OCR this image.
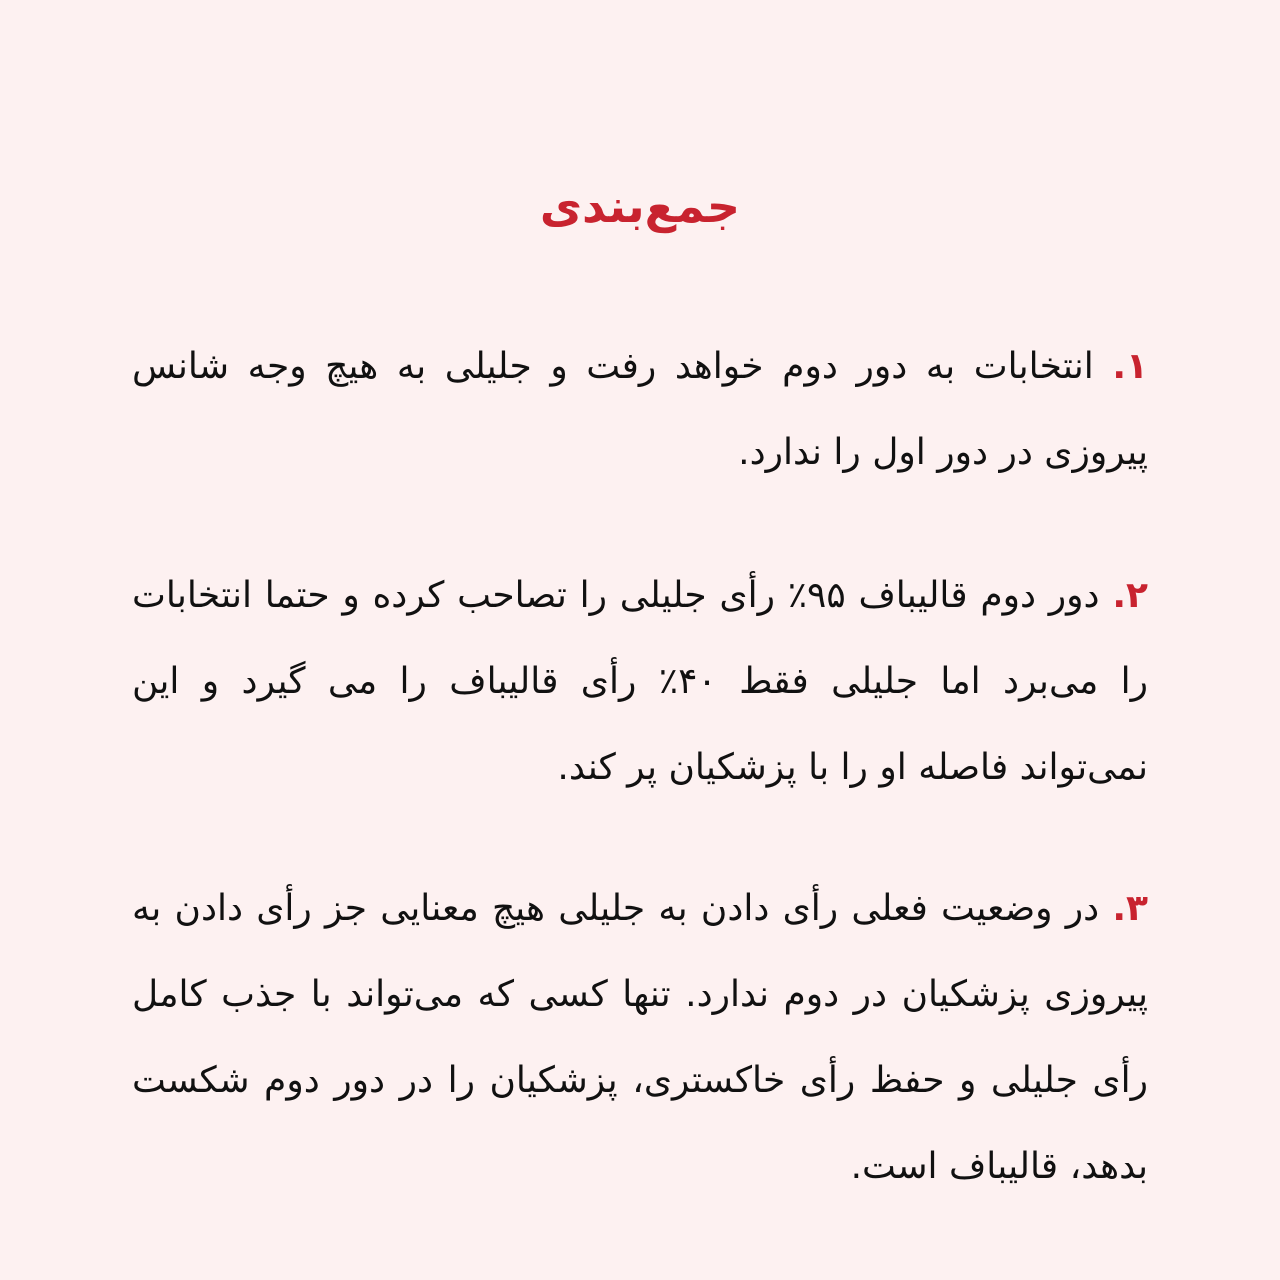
جمع‌بندی

۱. انتخابات به دور دوم خواهد رفت و جلیلی به هیچ وجه شانس پیروزی در دور اول را ندارد.

۲. دور دوم قالیباف ۹۵٪ رأی جلیلی را تصاحب کرده و حتما انتخابات را می‌برد اما جلیلی فقط ۴۰٪ رأی قالیباف را می گیرد و این نمی‌تواند فاصله او را با پزشکیان پر کند.

۳. در وضعیت فعلی رأی دادن به جلیلی هیچ معنایی جز رأی دادن به پیروزی پزشکیان در دوم ندارد. تنها کسی که می‌تواند با جذب کامل رأی جلیلی و حفظ رأی خاکستری، پزشکیان را در دور دوم شکست بدهد، قالیباف است.
